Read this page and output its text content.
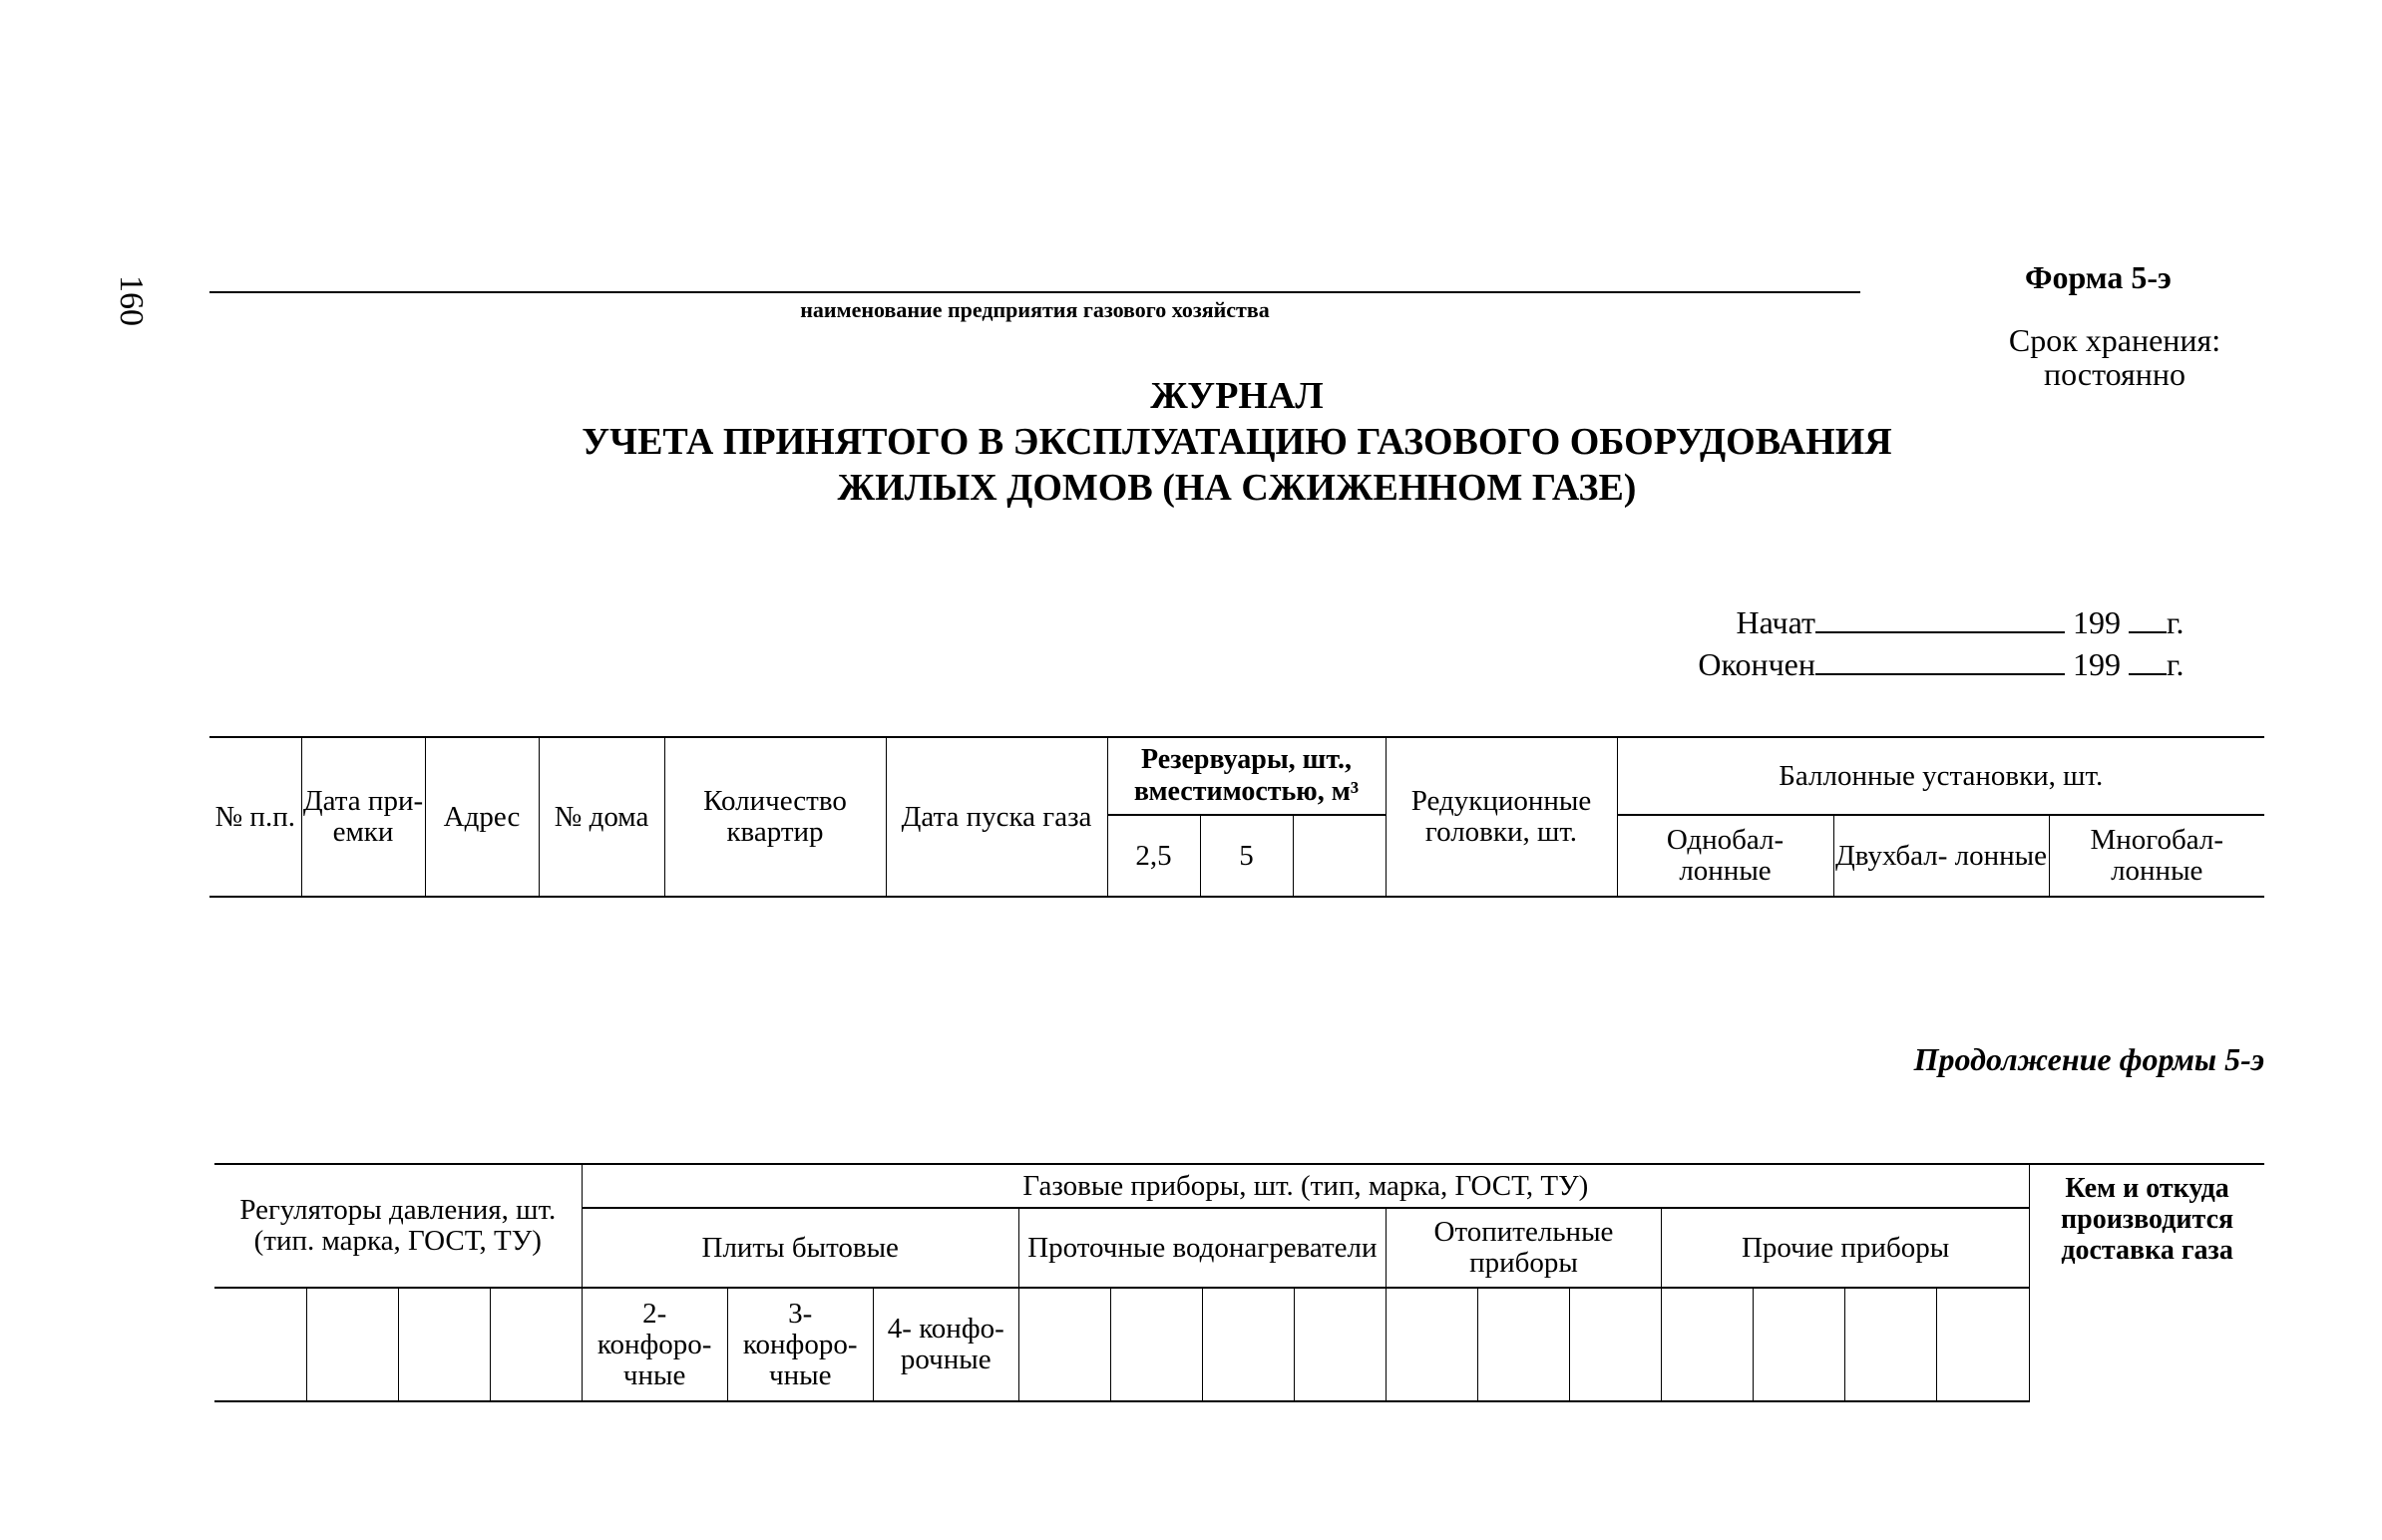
160	наименование предприятия газового хозяйства
Форма 5-э
Срок хранения:
постоянно
ЖУРНАЛ
УЧЕТА ПРИНЯТОГО В ЭКСПЛУАТАЦИЮ ГАЗОВОГО ОБОРУДОВАНИЯ
ЖИЛЫХ ДОМОВ (НА СЖИЖЕННОМ ГАЗЕ)
Начат	199 г.
Окончен	199 г.
№ п.п.	Дата при- емки	Адрес	№ дома	Количество квартир	Дата пуска газа	Резервуары, шт., вместимостью, м³			Редукционные головки, шт.	Баллонные установки, шт.		
						2,5	5			Однобал- лонные	Двухбал- лонные	Многобал- лонные
Продолжение формы 5-э
Регуляторы давления, шт. (тип. марка, ГОСТ, ТУ)				Газовые приборы, шт. (тип, марка, ГОСТ, ТУ)														Кем и откуда производится доставка газа
				Плиты бытовые			Проточные водонагреватели				Отопительные приборы			Прочие приборы				
				2- конфоро- чные	3- конфоро- чные	4- конфо- рочные												
